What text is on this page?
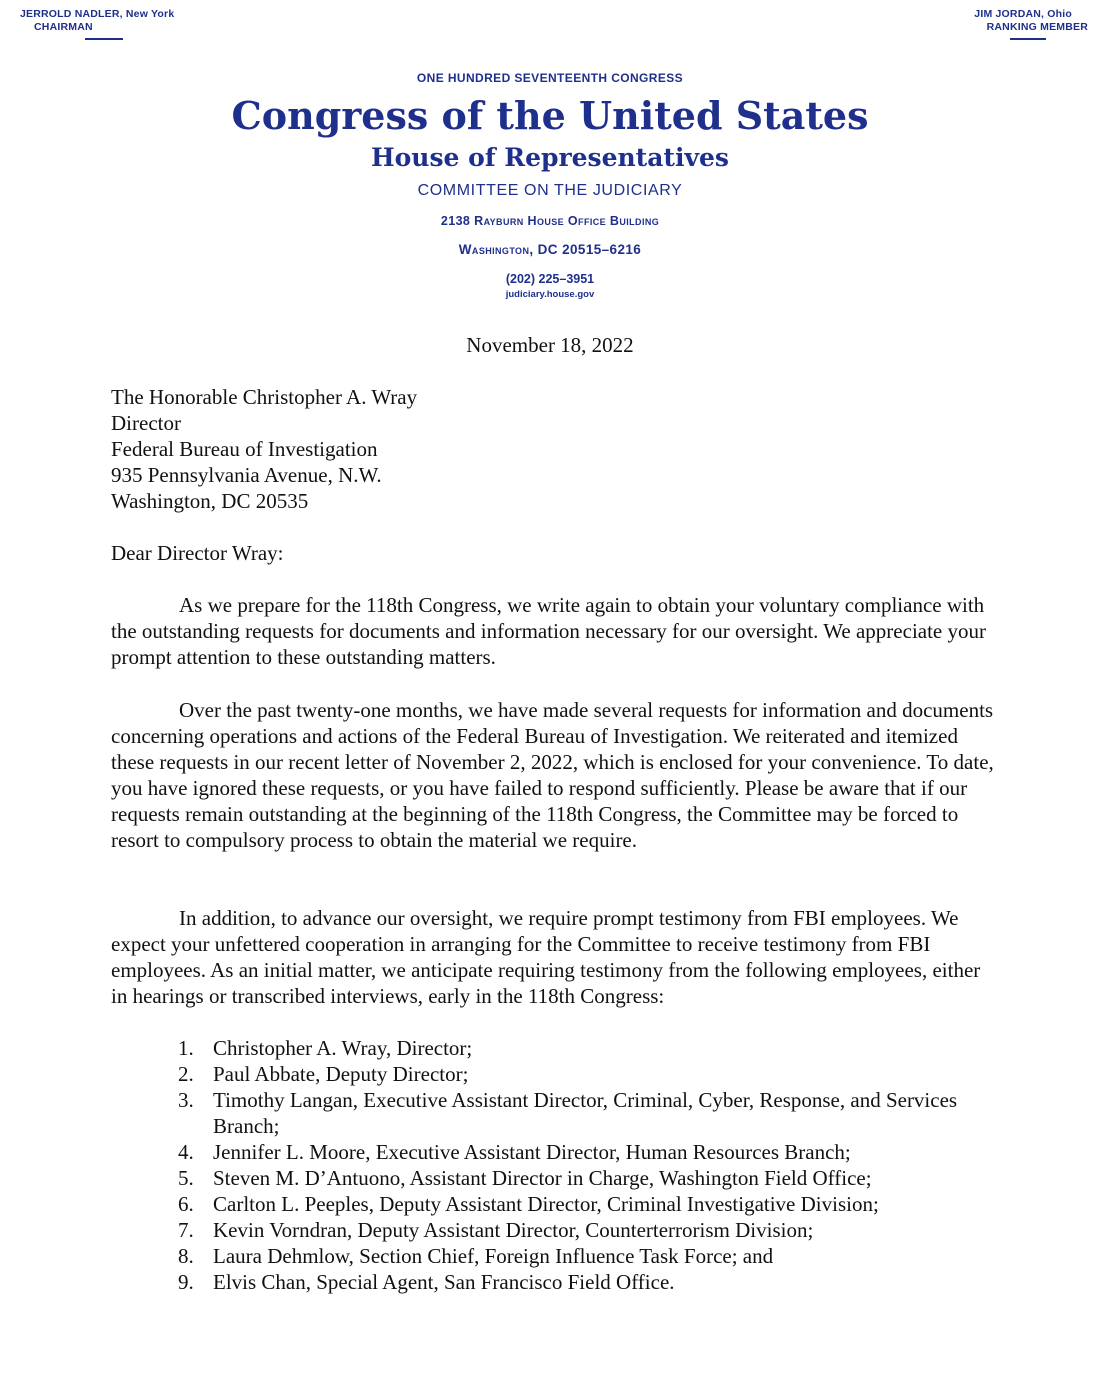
JERROLD NADLER, New York
CHAIRMAN
JIM JORDAN, Ohio
RANKING MEMBER
ONE HUNDRED SEVENTEENTH CONGRESS
Congress of the United States
House of Representatives
COMMITTEE ON THE JUDICIARY
2138 Rayburn House Office Building
Washington, DC 20515–6216
(202) 225–3951
judiciary.house.gov
November 18, 2022
The Honorable Christopher A. Wray
Director
Federal Bureau of Investigation
935 Pennsylvania Avenue, N.W.
Washington, DC 20535
Dear Director Wray:
As we prepare for the 118th Congress, we write again to obtain your voluntary compliance with the outstanding requests for documents and information necessary for our oversight. We appreciate your prompt attention to these outstanding matters.
Over the past twenty-one months, we have made several requests for information and documents concerning operations and actions of the Federal Bureau of Investigation. We reiterated and itemized these requests in our recent letter of November 2, 2022, which is enclosed for your convenience. To date, you have ignored these requests, or you have failed to respond sufficiently. Please be aware that if our requests remain outstanding at the beginning of the 118th Congress, the Committee may be forced to resort to compulsory process to obtain the material we require.
In addition, to advance our oversight, we require prompt testimony from FBI employees. We expect your unfettered cooperation in arranging for the Committee to receive testimony from FBI employees. As an initial matter, we anticipate requiring testimony from the following employees, either in hearings or transcribed interviews, early in the 118th Congress:
1. Christopher A. Wray, Director;
2. Paul Abbate, Deputy Director;
3. Timothy Langan, Executive Assistant Director, Criminal, Cyber, Response, and Services Branch;
4. Jennifer L. Moore, Executive Assistant Director, Human Resources Branch;
5. Steven M. D’Antuono, Assistant Director in Charge, Washington Field Office;
6. Carlton L. Peeples, Deputy Assistant Director, Criminal Investigative Division;
7. Kevin Vorndran, Deputy Assistant Director, Counterterrorism Division;
8. Laura Dehmlow, Section Chief, Foreign Influence Task Force; and
9. Elvis Chan, Special Agent, San Francisco Field Office.
